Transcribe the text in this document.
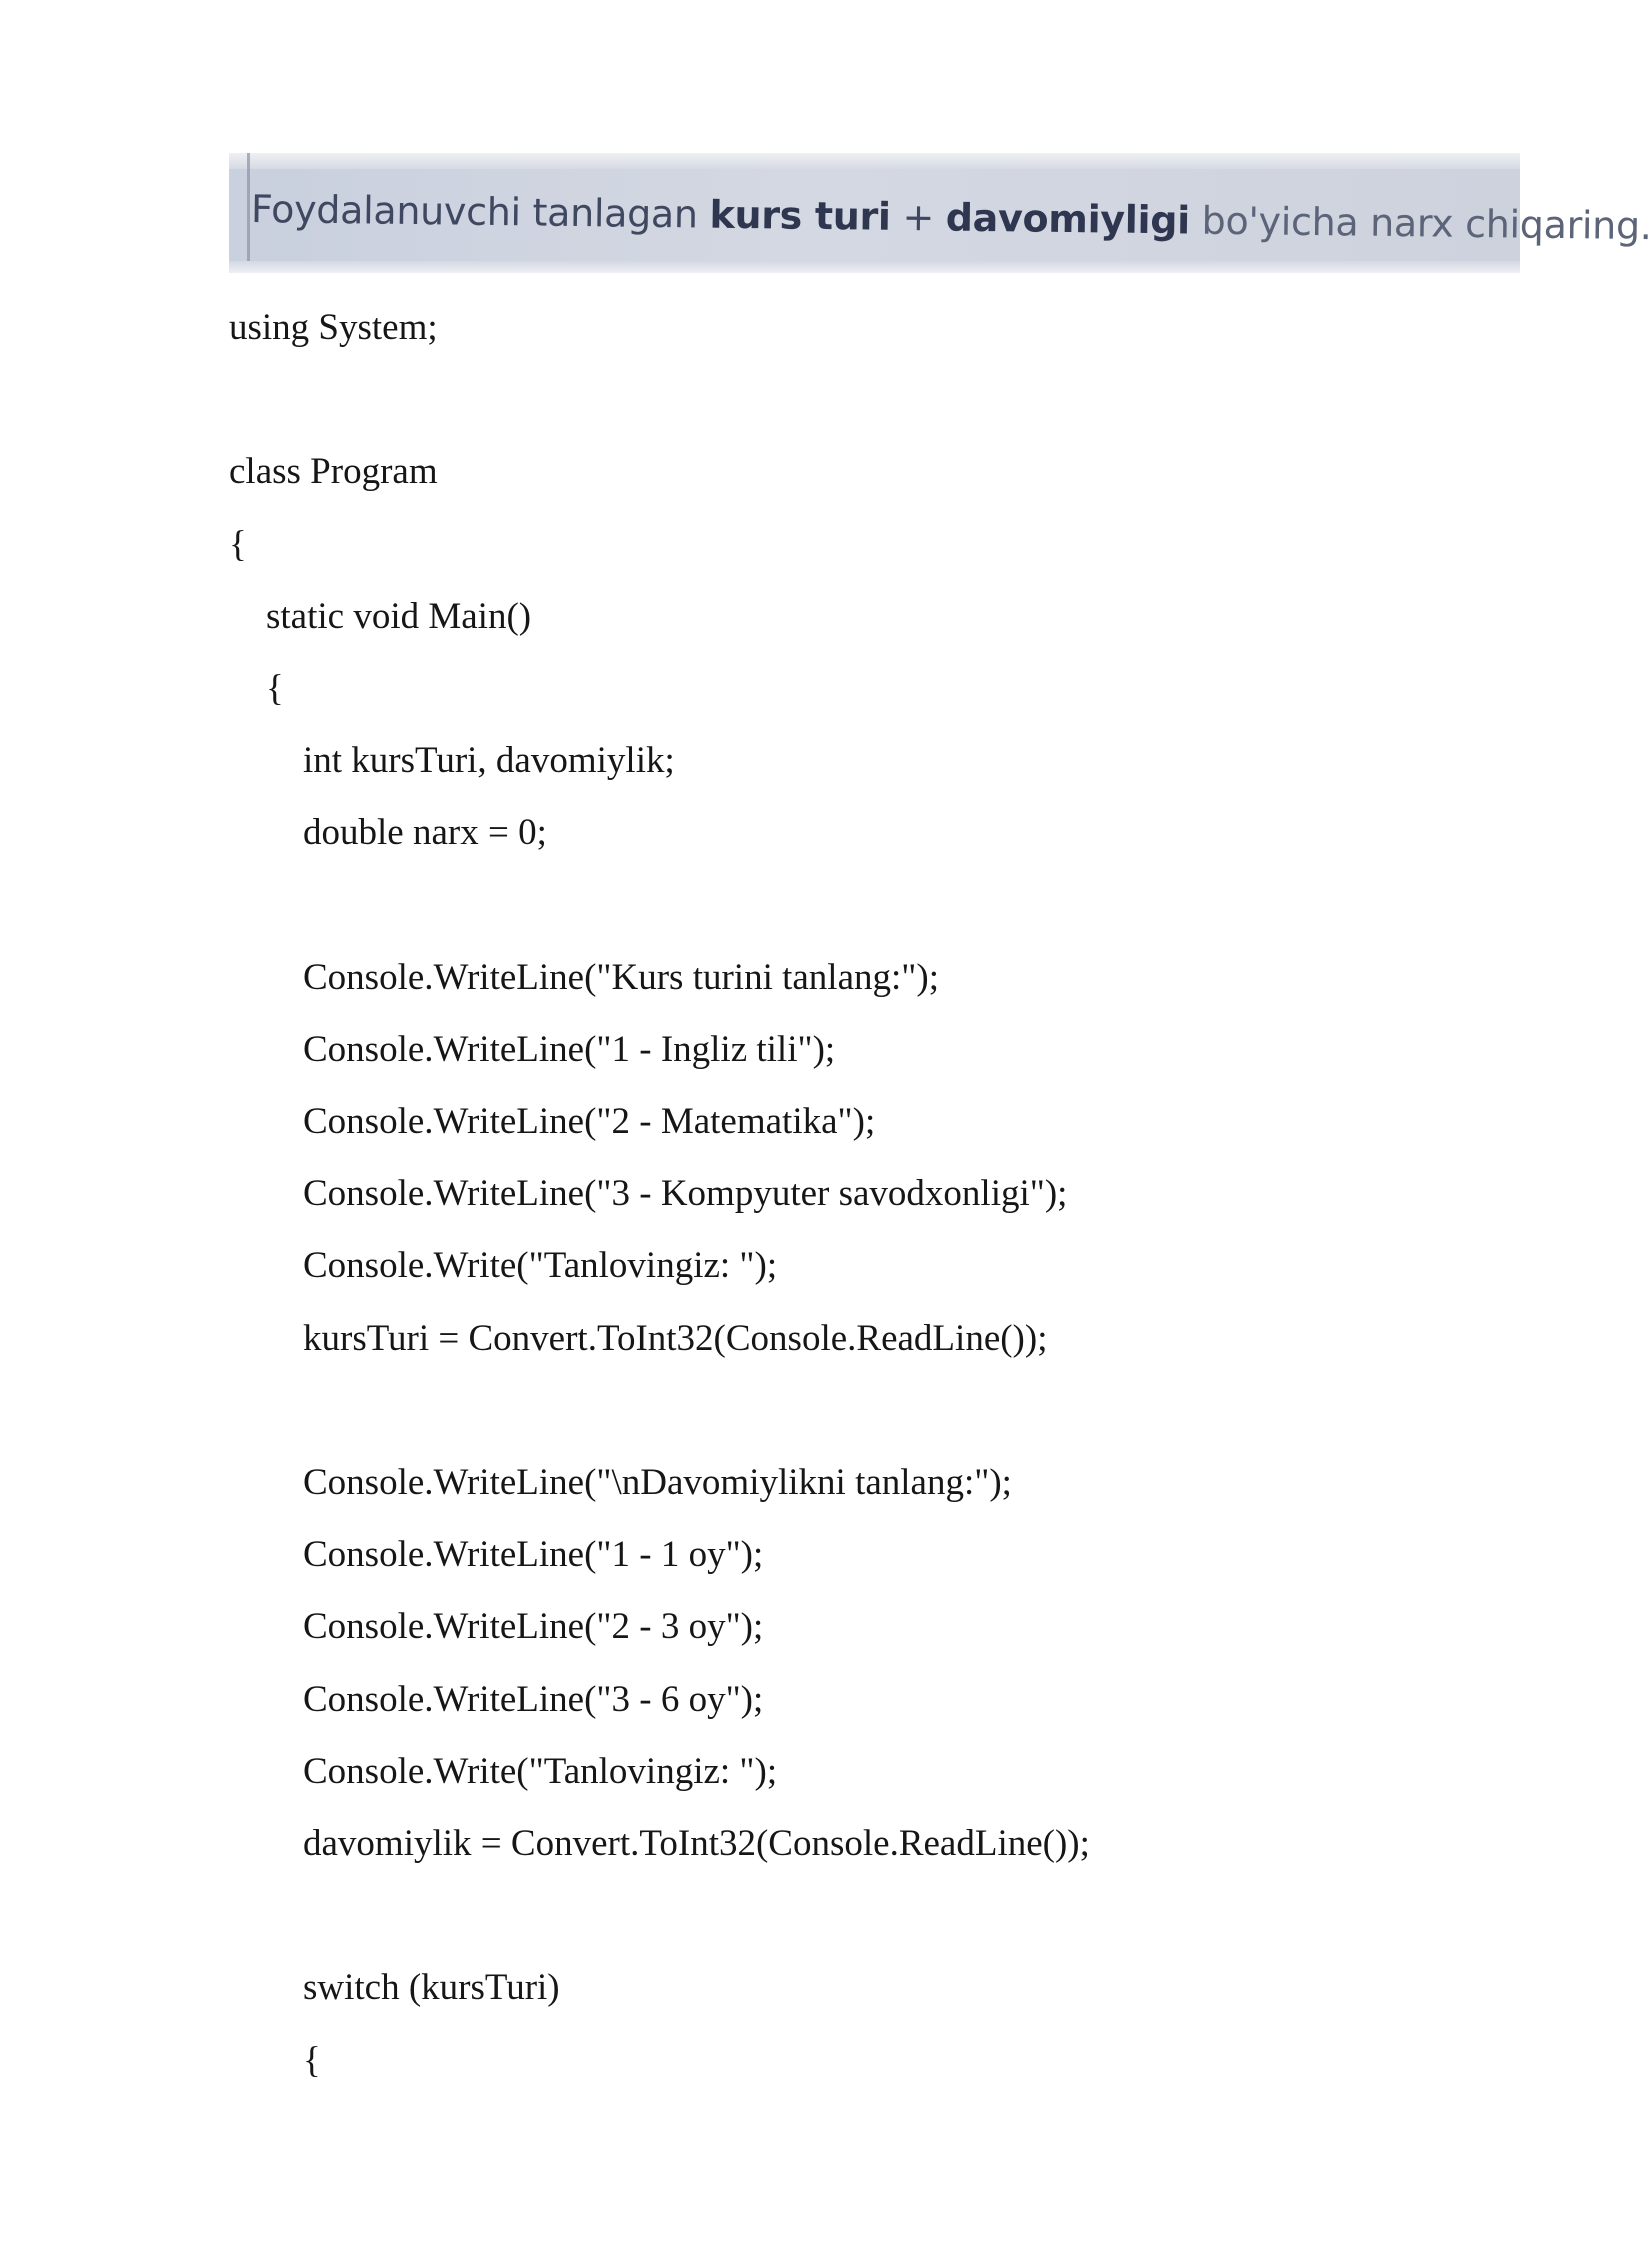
Foydalanuvchi tanlagan kurs turi + davomiyligi bo'yicha narx chiqaring.
using System;
class Program
{
static void Main()
{
int kursTuri, davomiylik;
double narx = 0;
Console.WriteLine("Kurs turini tanlang:");
Console.WriteLine("1 - Ingliz tili");
Console.WriteLine("2 - Matematika");
Console.WriteLine("3 - Kompyuter savodxonligi");
Console.Write("Tanlovingiz: ");
kursTuri = Convert.ToInt32(Console.ReadLine());
Console.WriteLine("\nDavomiylikni tanlang:");
Console.WriteLine("1 - 1 oy");
Console.WriteLine("2 - 3 oy");
Console.WriteLine("3 - 6 oy");
Console.Write("Tanlovingiz: ");
davomiylik = Convert.ToInt32(Console.ReadLine());
switch (kursTuri)
{
